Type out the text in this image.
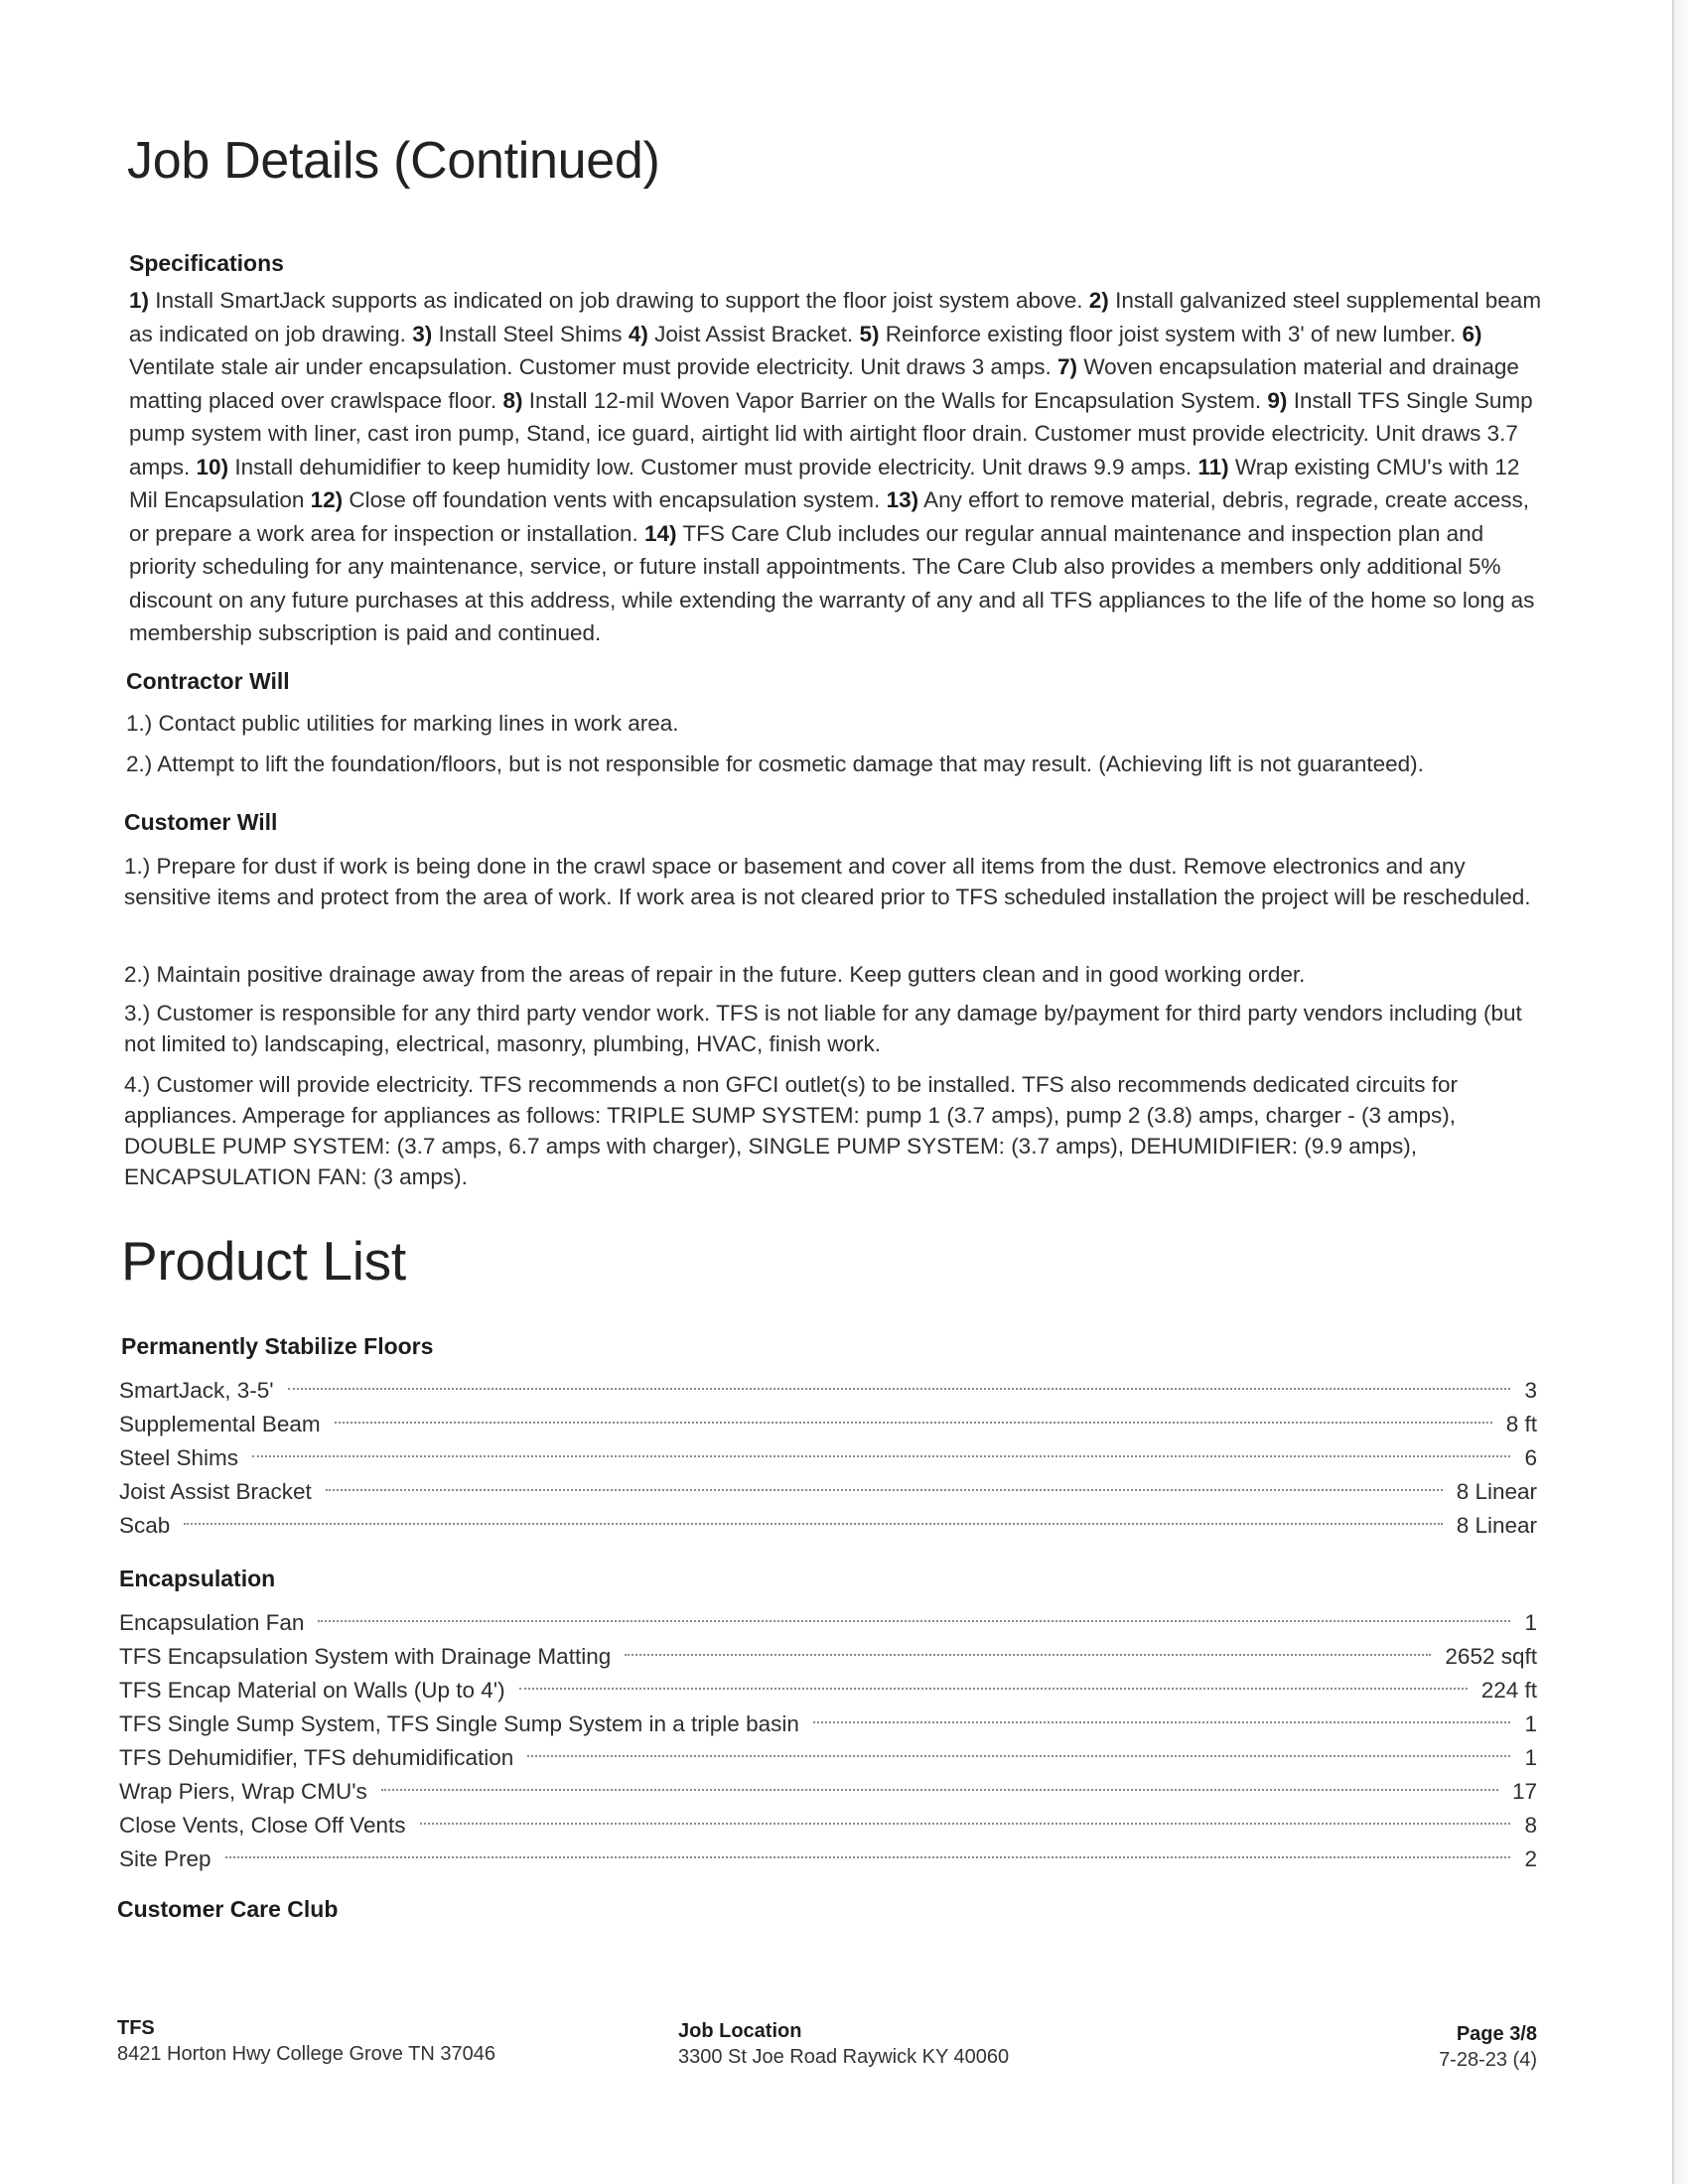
Job Details (Continued)
Specifications
1) Install SmartJack supports as indicated on job drawing to support the floor joist system above. 2) Install galvanized steel supplemental beam as indicated on job drawing. 3) Install Steel Shims 4) Joist Assist Bracket. 5) Reinforce existing floor joist system with 3' of new lumber. 6) Ventilate stale air under encapsulation. Customer must provide electricity. Unit draws 3 amps. 7) Woven encapsulation material and drainage matting placed over crawlspace floor. 8) Install 12-mil Woven Vapor Barrier on the Walls for Encapsulation System. 9) Install TFS Single Sump pump system with liner, cast iron pump, Stand, ice guard, airtight lid with airtight floor drain. Customer must provide electricity. Unit draws 3.7 amps. 10) Install dehumidifier to keep humidity low. Customer must provide electricity. Unit draws 9.9 amps. 11) Wrap existing CMU's with 12 Mil Encapsulation 12) Close off foundation vents with encapsulation system. 13) Any effort to remove material, debris, regrade, create access, or prepare a work area for inspection or installation. 14) TFS Care Club includes our regular annual maintenance and inspection plan and priority scheduling for any maintenance, service, or future install appointments. The Care Club also provides a members only additional 5% discount on any future purchases at this address, while extending the warranty of any and all TFS appliances to the life of the home so long as membership subscription is paid and continued.
Contractor Will
1.) Contact public utilities for marking lines in work area.
2.) Attempt to lift the foundation/floors, but is not responsible for cosmetic damage that may result. (Achieving lift is not guaranteed).
Customer Will
1.) Prepare for dust if work is being done in the crawl space or basement and cover all items from the dust. Remove electronics and any sensitive items and protect from the area of work. If work area is not cleared prior to TFS scheduled installation the project will be rescheduled.
2.) Maintain positive drainage away from the areas of repair in the future. Keep gutters clean and in good working order.
3.) Customer is responsible for any third party vendor work. TFS is not liable for any damage by/payment for third party vendors including (but not limited to) landscaping, electrical, masonry, plumbing, HVAC, finish work.
4.) Customer will provide electricity. TFS recommends a non GFCI outlet(s) to be installed. TFS also recommends dedicated circuits for appliances. Amperage for appliances as follows: TRIPLE SUMP SYSTEM: pump 1 (3.7 amps), pump 2 (3.8) amps, charger - (3 amps), DOUBLE PUMP SYSTEM: (3.7 amps, 6.7 amps with charger), SINGLE PUMP SYSTEM: (3.7 amps), DEHUMIDIFIER: (9.9 amps), ENCAPSULATION FAN: (3 amps).
Product List
Permanently Stabilize Floors
SmartJack, 3-5'	3
Supplemental Beam	8 ft
Steel Shims	6
Joist Assist Bracket	8 Linear
Scab	8 Linear
Encapsulation
Encapsulation Fan	1
TFS Encapsulation System with Drainage Matting	2652 sqft
TFS Encap Material on Walls (Up to 4')	224 ft
TFS Single Sump System, TFS Single Sump System in a triple basin	1
TFS Dehumidifier, TFS dehumidification	1
Wrap Piers, Wrap CMU's	17
Close Vents, Close Off Vents	8
Site Prep	2
Customer Care Club
TFS
8421 Horton Hwy College Grove TN 37046
Job Location
3300 St Joe Road Raywick KY 40060
Page 3/8
7-28-23 (4)
